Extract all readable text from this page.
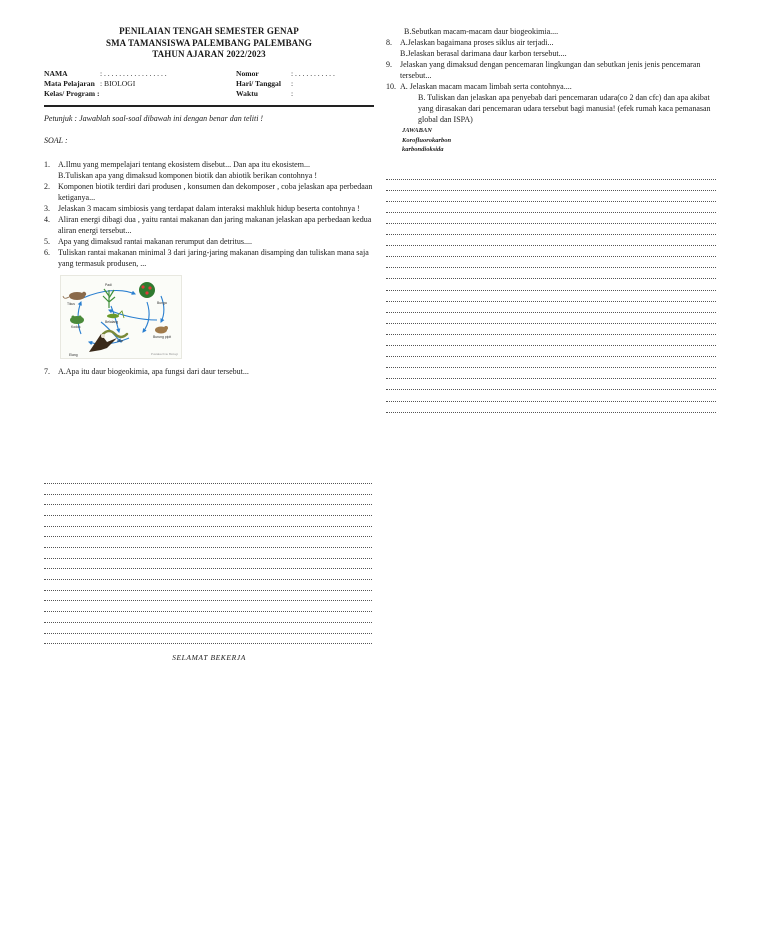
PENILAIAN TENGAH SEMESTER GENAP
SMA TAMANSISWA PALEMBANG PALEMBANG
TAHUN AJARAN 2022/2023
NAMA	: . . . . . . . . . . . . . . . . .	Nomor	: . . . . . . . . . . .
Mata Pelajaran : BIOLOGI	Hari/ Tanggal :
Kelas/ Program :	Waktu	:
Petunjuk : Jawablah soal-soal dibawah ini dengan benar dan teliti !
SOAL :
1. A.Ilmu yang mempelajari tentang ekosistem disebut... Dan apa itu ekosistem...
B.Tuliskan apa yang dimaksud komponen biotik dan abiotik berikan contohnya !
2. Komponen biotik terdiri dari produsen , konsumen dan dekomposer , coba jelaskan apa perbedaan ketiganya...
3. Jelaskan 3 macam simbiosis yang terdapat dalam interaksi makhluk hidup beserta contohnya !
4. Aliran energi dibagi dua , yaitu rantai makanan dan jaring makanan jelaskan apa perbedaan kedua aliran energi tersebut...
5. Apa yang dimaksud rantai makanan rerumput dan detritus....
6. Tuliskan rantai makanan minimal 3 dari jaring-jaring makanan disamping dan tuliskan mana saja yang termasuk produsen, ...
Tikus
Elang
Ular
Belalang
Kodok
Bunga
Burung pipit
Padi
Pustaka Ilmu Biologi
7. A.Apa itu daur biogeokimia, apa fungsi dari daur tersebut...
SELAMAT BEKERJA
B.Sebutkan macam-macam daur biogeokimia....
8. A.Jelaskan bagaimana proses siklus air terjadi...
B.Jelaskan berasal darimana daur karbon tersebut....
9. Jelaskan yang dimaksud dengan pencemaran lingkungan dan sebutkan jenis jenis pencemaran tersebut...
10. A. Jelaskan macam macam limbah serta contohnya....
B. Tuliskan dan jelaskan apa penyebab dari pencemaran udara(co 2 dan cfc) dan apa akibat yang dirasakan dari pencemaran udara tersebut bagi manusia! (efek rumah kaca pemanasan global dan ISPA)
JAWABAN
Korofluorokarbon
karbondioksida
